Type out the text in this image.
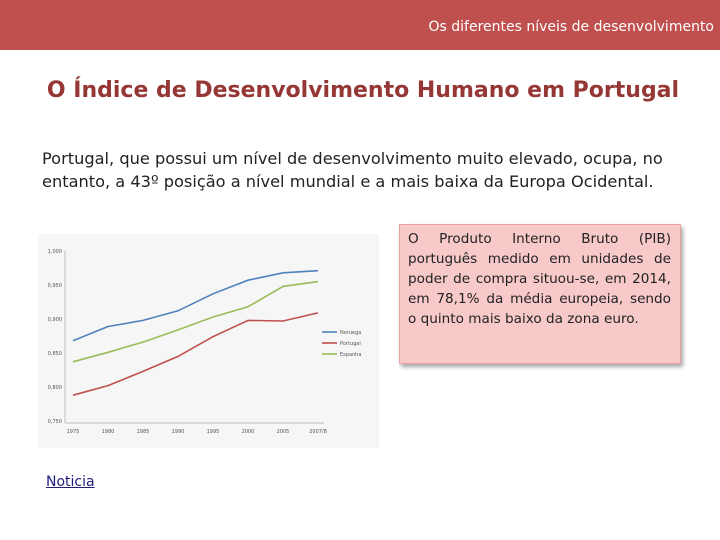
Os diferentes níveis de desenvolvimento
O Índice de Desenvolvimento Humano em Portugal
Portugal, que possui um nível de desenvolvimento muito elevado, ocupa, no entanto, a 43º posição a nível mundial e a mais baixa da Europa Ocidental.
1,000
0,950
0,900
0,850
0,800
0,750
1975	1980	1985	1990	1995	2000	2005	2007/8
Noruega
Portugal
Espanha
O Produto Interno Bruto (PIB) português medido em unidades de poder de compra situou-se, em 2014, em 78,1% da média europeia, sendo o quinto mais baixo da zona euro.
Noticia
